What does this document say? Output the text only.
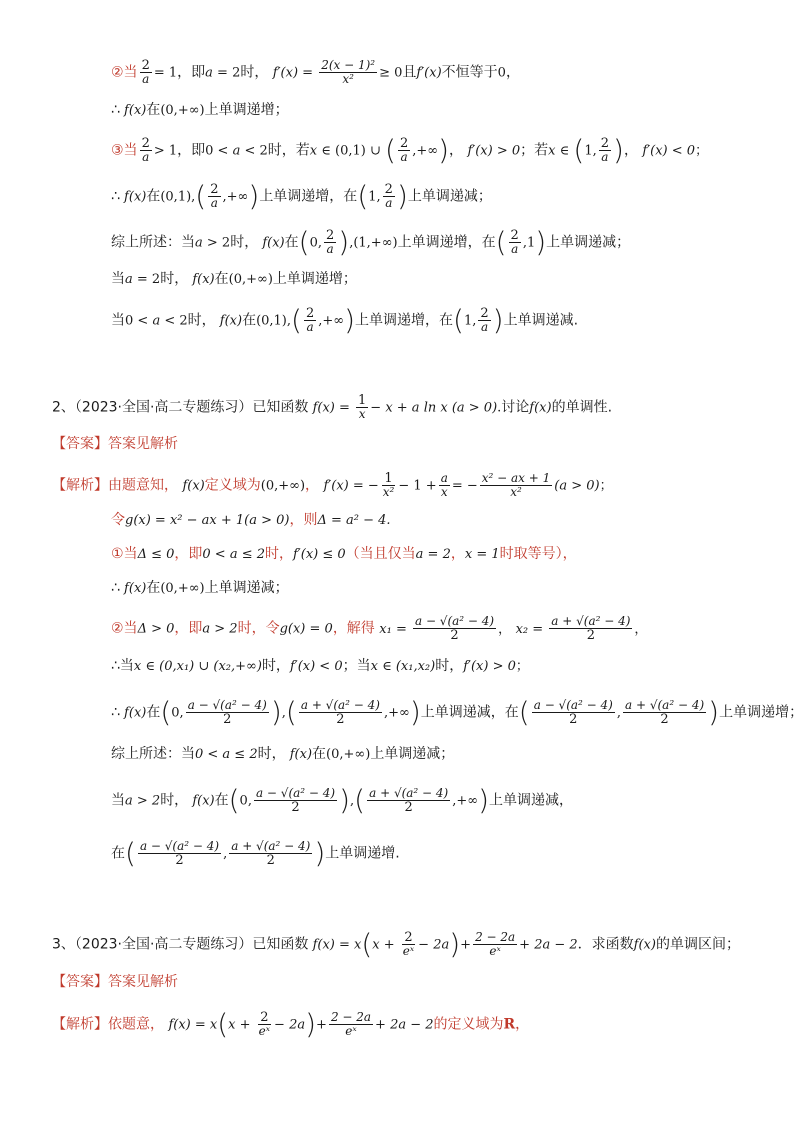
②当 $\frac{2}{a} = 1$，即a = 2时， $f'(x) = \frac{\text{2(x − 1)²}}{\text{x²}} \ge 0$且f′(x)不恒等于0，
∴ f(x)在(0,+∞)上单调递增；
③当 $\frac{2}{a} > 1$，即0 < a < 2时，若x ∈ (0,1) ∪ ( $\frac{2}{a}$ ,+∞)， f′(x) > 0；若x ∈ (1, $\frac{2}{a}$ )， f′(x) < 0；
∴ f(x)在$(0,1),( \frac{2}{a}$ ,+∞)上单调递增，在(1, $\frac{2}{a}$ )上单调递减；
综上所述：当a > 2时， f(x)在(0, $\frac{2}{a} ),(1,+\infty)$上单调递增，在( $\frac{2}{a} ,1$)上单调递减；
当a = 2时， f(x)在(0,+∞)上单调递增；
当0 < a < 2时， f(x)在$(0,1),( \frac{2}{a}$ ,+∞)上单调递增，在(1, $\frac{2}{a}$ )上单调递减.
2、（2023·全国·高二专题练习）已知函数 $f(x) = \frac{1}{x} - x + a$ ln x (a > 0).讨论f(x)的单调性.
【答案】答案见解析
【解析】由题意知， f(x)定义域为(0,+∞)， f′(x) = − $\frac{1}{\text{x²}} - 1 + \frac{a}{x}$ = − $\frac{\text{x² − ax + 1}}{\text{x²}} (a > 0)$；
令g(x) = x² − ax + 1(a > 0)，则Δ = a² − 4.
①当Δ ≤ 0，即0 < a ≤ 2时，f′(x) ≤ 0（当且仅当a = 2，x = 1时取等号），
∴ f(x)在(0,+∞)上单调递减；
②当Δ > 0，即a > 2时，令g(x) = 0，解得 $x_1 = \frac{\text{a − √(a² − 4)}}{2}$ ， $x_2 = \frac{\text{a + √(a² − 4)}}{2}$ ，
∴当x ∈ (0,x₁) ∪ (x₂,+∞)时，f′(x) < 0；当x ∈ (x₁,x₂)时，f′(x) > 0；
∴ f(x)在(0, $\frac{\text{a − √(a² − 4)}}{2}$ ),( $\frac{\text{a + √(a² − 4)}}{2}$ ,+∞)上单调递减，在( $\frac{\text{a − √(a² − 4)}}{2}$ , $\frac{\text{a + √(a² − 4)}}{2}$ )上单调递增；
综上所述：当0 < a ≤ 2时， f(x)在(0,+∞)上单调递减；
当a > 2时， f(x)在(0, $\frac{\text{a − √(a² − 4)}}{2}$ ),( $\frac{\text{a + √(a² − 4)}}{2}$ ,+∞)上单调递减，
在( $\frac{\text{a − √(a² − 4)}}{2}$ , $\frac{\text{a + √(a² − 4)}}{2}$ )上单调递增.
3、（2023·全国·高二专题练习）已知函数 $f(x) = x(x + \frac{2}{\text{eˣ}} - 2a)+ \frac{2 - 2a}{\text{eˣ}} + 2a - 2$．求函数f(x)的单调区间；
【答案】答案见解析
【解析】依题意， $f(x) = x(x + \frac{2}{\text{eˣ}} - 2a)+ \frac{2 - 2a}{\text{eˣ}} + 2a - 2$的定义域为R，
